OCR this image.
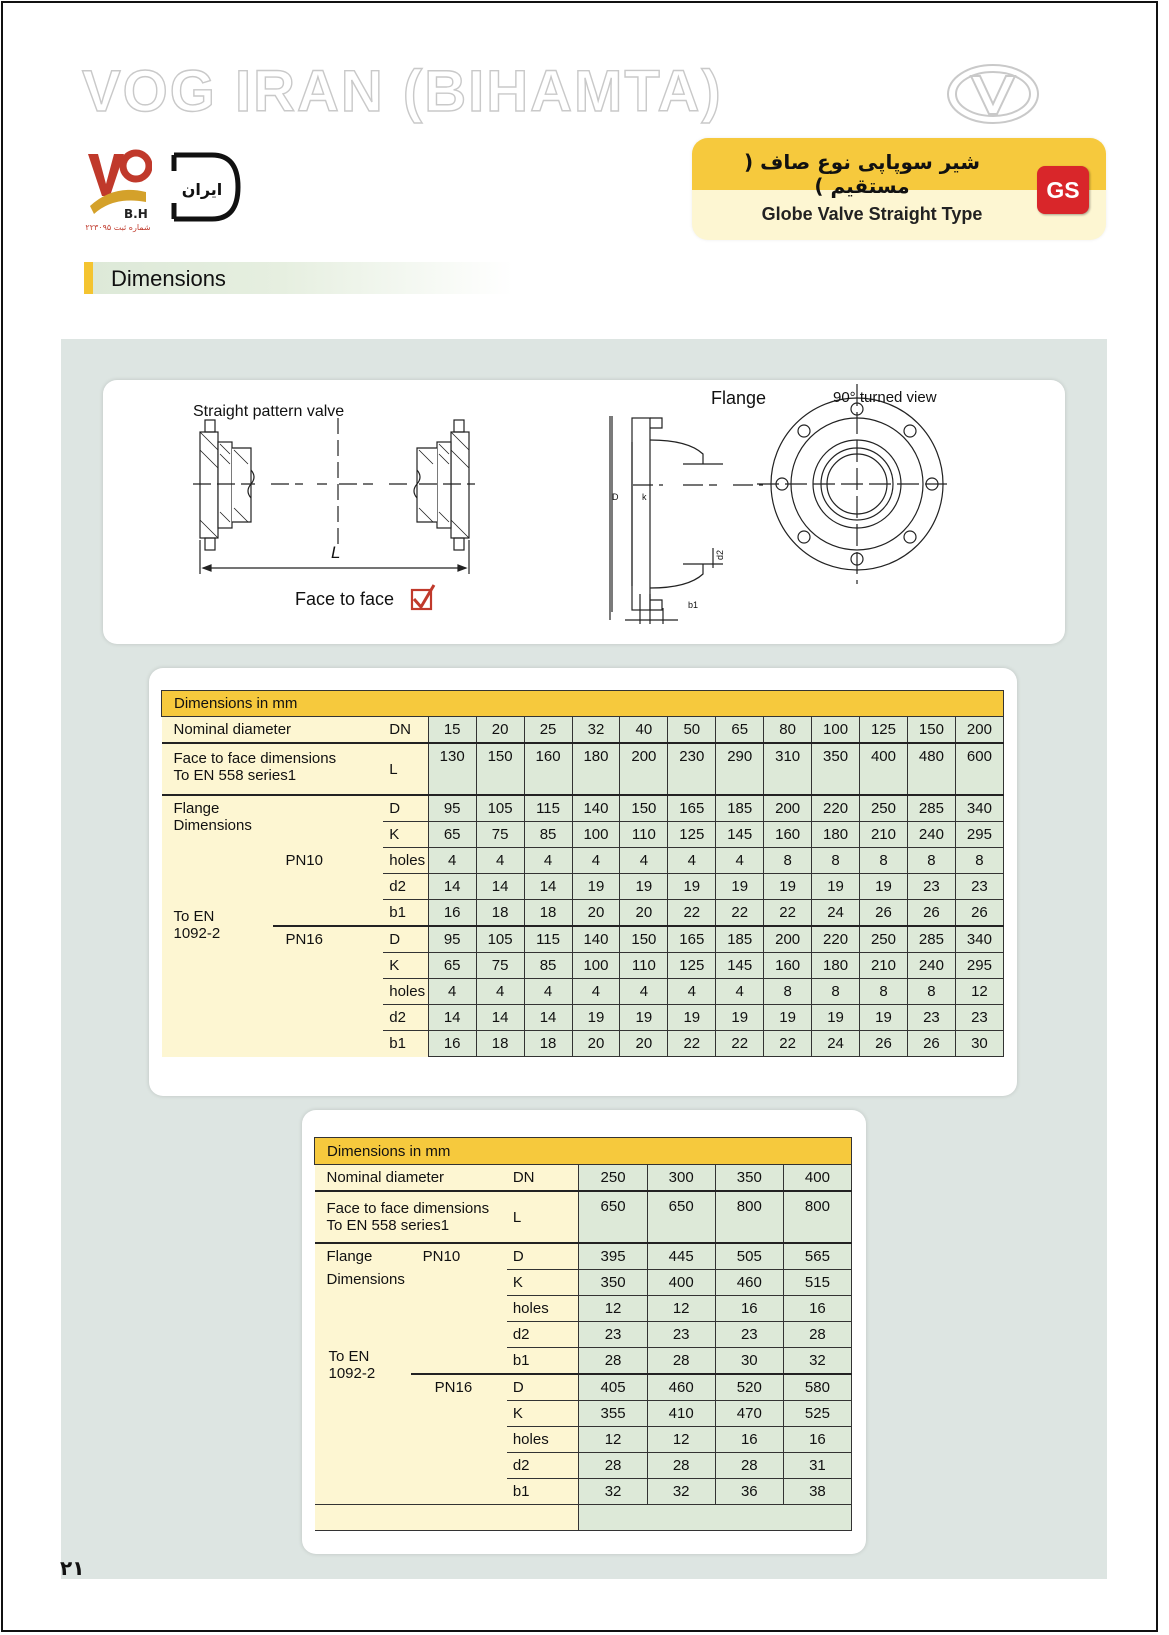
VOG IRAN (BIHAMTA)
B.H
شماره ثبت ۲۲۳۰۹۵
ایران
شیر سوپاپی نوع صاف ( مستقیم )
Globe Valve Straight Type
GS
Dimensions
Straight pattern valve
L
Face to face
Flange	90° turned view
D	k
d2
b1
Dimensions in mm														
Nominal diameter		DN	15	20	25	32	40	50	65	80	100	125	150	200

Face to face dimensions
To EN 558 series1		L	130	150	160	180	200	230	290	310	350	400	480	600

Flange
Dimensions
To EN
1092-2	PN10	D	95	105	115	140	150	165	185	200	220	250	285	340
		K	65	75	85	100	110	125	145	160	180	210	240	295
		holes	4	4	4	4	4	4	4	8	8	8	8	8
		d2	14	14	14	19	19	19	19	19	19	19	23	23
		b1	16	18	18	20	20	22	22	22	24	26	26	26
	PN16	D	95	105	115	140	150	165	185	200	220	250	285	340
		K	65	75	85	100	110	125	145	160	180	210	240	295
		holes	4	4	4	4	4	4	4	8	8	8	8	12
		d2	14	14	14	19	19	19	19	19	19	19	23	23
		b1	16	18	18	20	20	22	22	22	24	26	26	30
Dimensions in mm						
Nominal diameter		DN	250	300	350	400

Face to face dimensions
To EN 558 series1		L	650	650	800	800

Flange
Dimensions
To EN
1092-2	PN10	D	395	445	505	565
		K	350	400	460	515
		holes	12	12	16	16
		d2	23	23	23	28
		b1	28	28	30	32
	PN16	D	405	460	520	580
		K	355	410	470	525
		holes	12	12	16	16
		d2	28	28	28	31
		b1	32	32	36	38

۲۱
